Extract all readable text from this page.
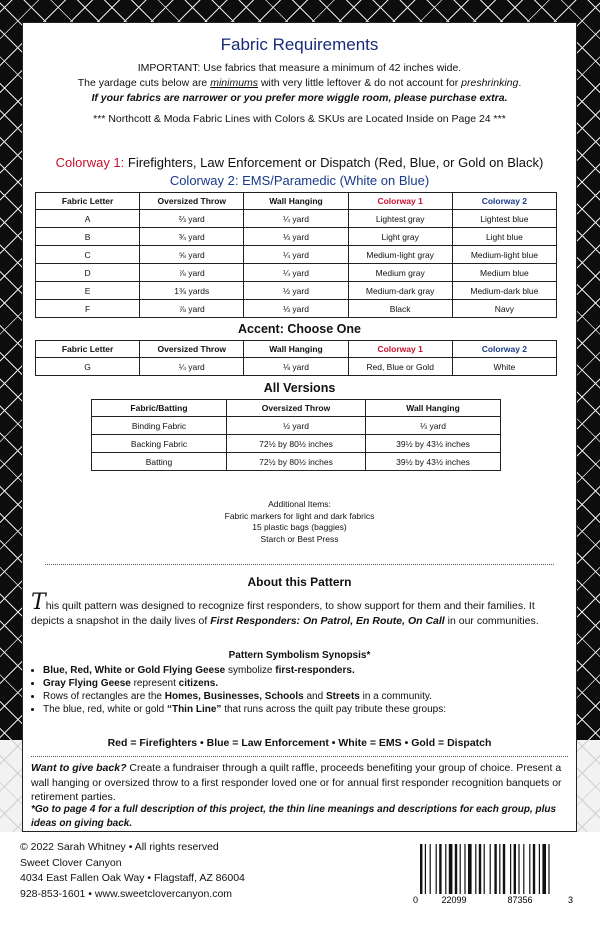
Fabric Requirements
IMPORTANT: Use fabrics that measure a minimum of 42 inches wide.
The yardage cuts below are minimums with very little leftover & do not account for preshrinking.
If your fabrics are narrower or you prefer more wiggle room, please purchase extra.
*** Northcott & Moda Fabric Lines with Colors & SKUs are Located Inside on Page 24 ***
Colorway 1: Firefighters, Law Enforcement or Dispatch (Red, Blue, or Gold on Black)
Colorway 2: EMS/Paramedic (White on Blue)
Fabric Letter	Oversized Throw	Wall Hanging	Colorway 1	Colorway 2
A	⅔ yard	¼ yard	Lightest gray	Lightest blue
B	¾ yard	⅓ yard	Light gray	Light blue
C	⅝ yard	¼ yard	Medium-light gray	Medium-light blue
D	⅞ yard	¼ yard	Medium gray	Medium blue
E	1⅜ yards	½ yard	Medium-dark gray	Medium-dark blue
F	⅞ yard	⅓ yard	Black	Navy
Accent: Choose One
Fabric Letter	Oversized Throw	Wall Hanging	Colorway 1	Colorway 2
G	¼ yard	⅛ yard	Red, Blue or Gold	White
All Versions
Fabric/Batting	Oversized Throw	Wall Hanging
Binding Fabric	½ yard	⅓ yard
Backing Fabric	72½ by 80½ inches	39½ by 43½ inches
Batting	72½ by 80½ inches	39½ by 43½ inches
Additional Items:
Fabric markers for light and dark fabrics
15 plastic bags (baggies)
Starch or Best Press
About this Pattern
This quilt pattern was designed to recognize first responders, to show support for them and their families. It depicts a snapshot in the daily lives of First Responders: On Patrol, En Route, On Call in our communities.
Pattern Symbolism Synopsis*
• Blue, Red, White or Gold Flying Geese symbolize first-responders.
• Gray Flying Geese represent citizens.
• Rows of rectangles are the Homes, Businesses, Schools and Streets in a community.
• The blue, red, white or gold “Thin Line” that runs across the quilt pay tribute these groups:
Red = Firefighters • Blue = Law Enforcement • White = EMS • Gold = Dispatch
Want to give back? Create a fundraiser through a quilt raffle, proceeds benefiting your group of choice. Present a wall hanging or oversized throw to a first responder loved one or for annual first responder recognition banquets or retirement parties.
*Go to page 4 for a full description of this project, the thin line meanings and descriptions for each group, plus ideas on giving back.
© 2022 Sarah Whitney • All rights reserved
Sweet Clover Canyon
4034 East Fallen Oak Way • Flagstaff, AZ 86004
928-853-1601 • www.sweetclovercanyon.com
0	22099	87356	3
